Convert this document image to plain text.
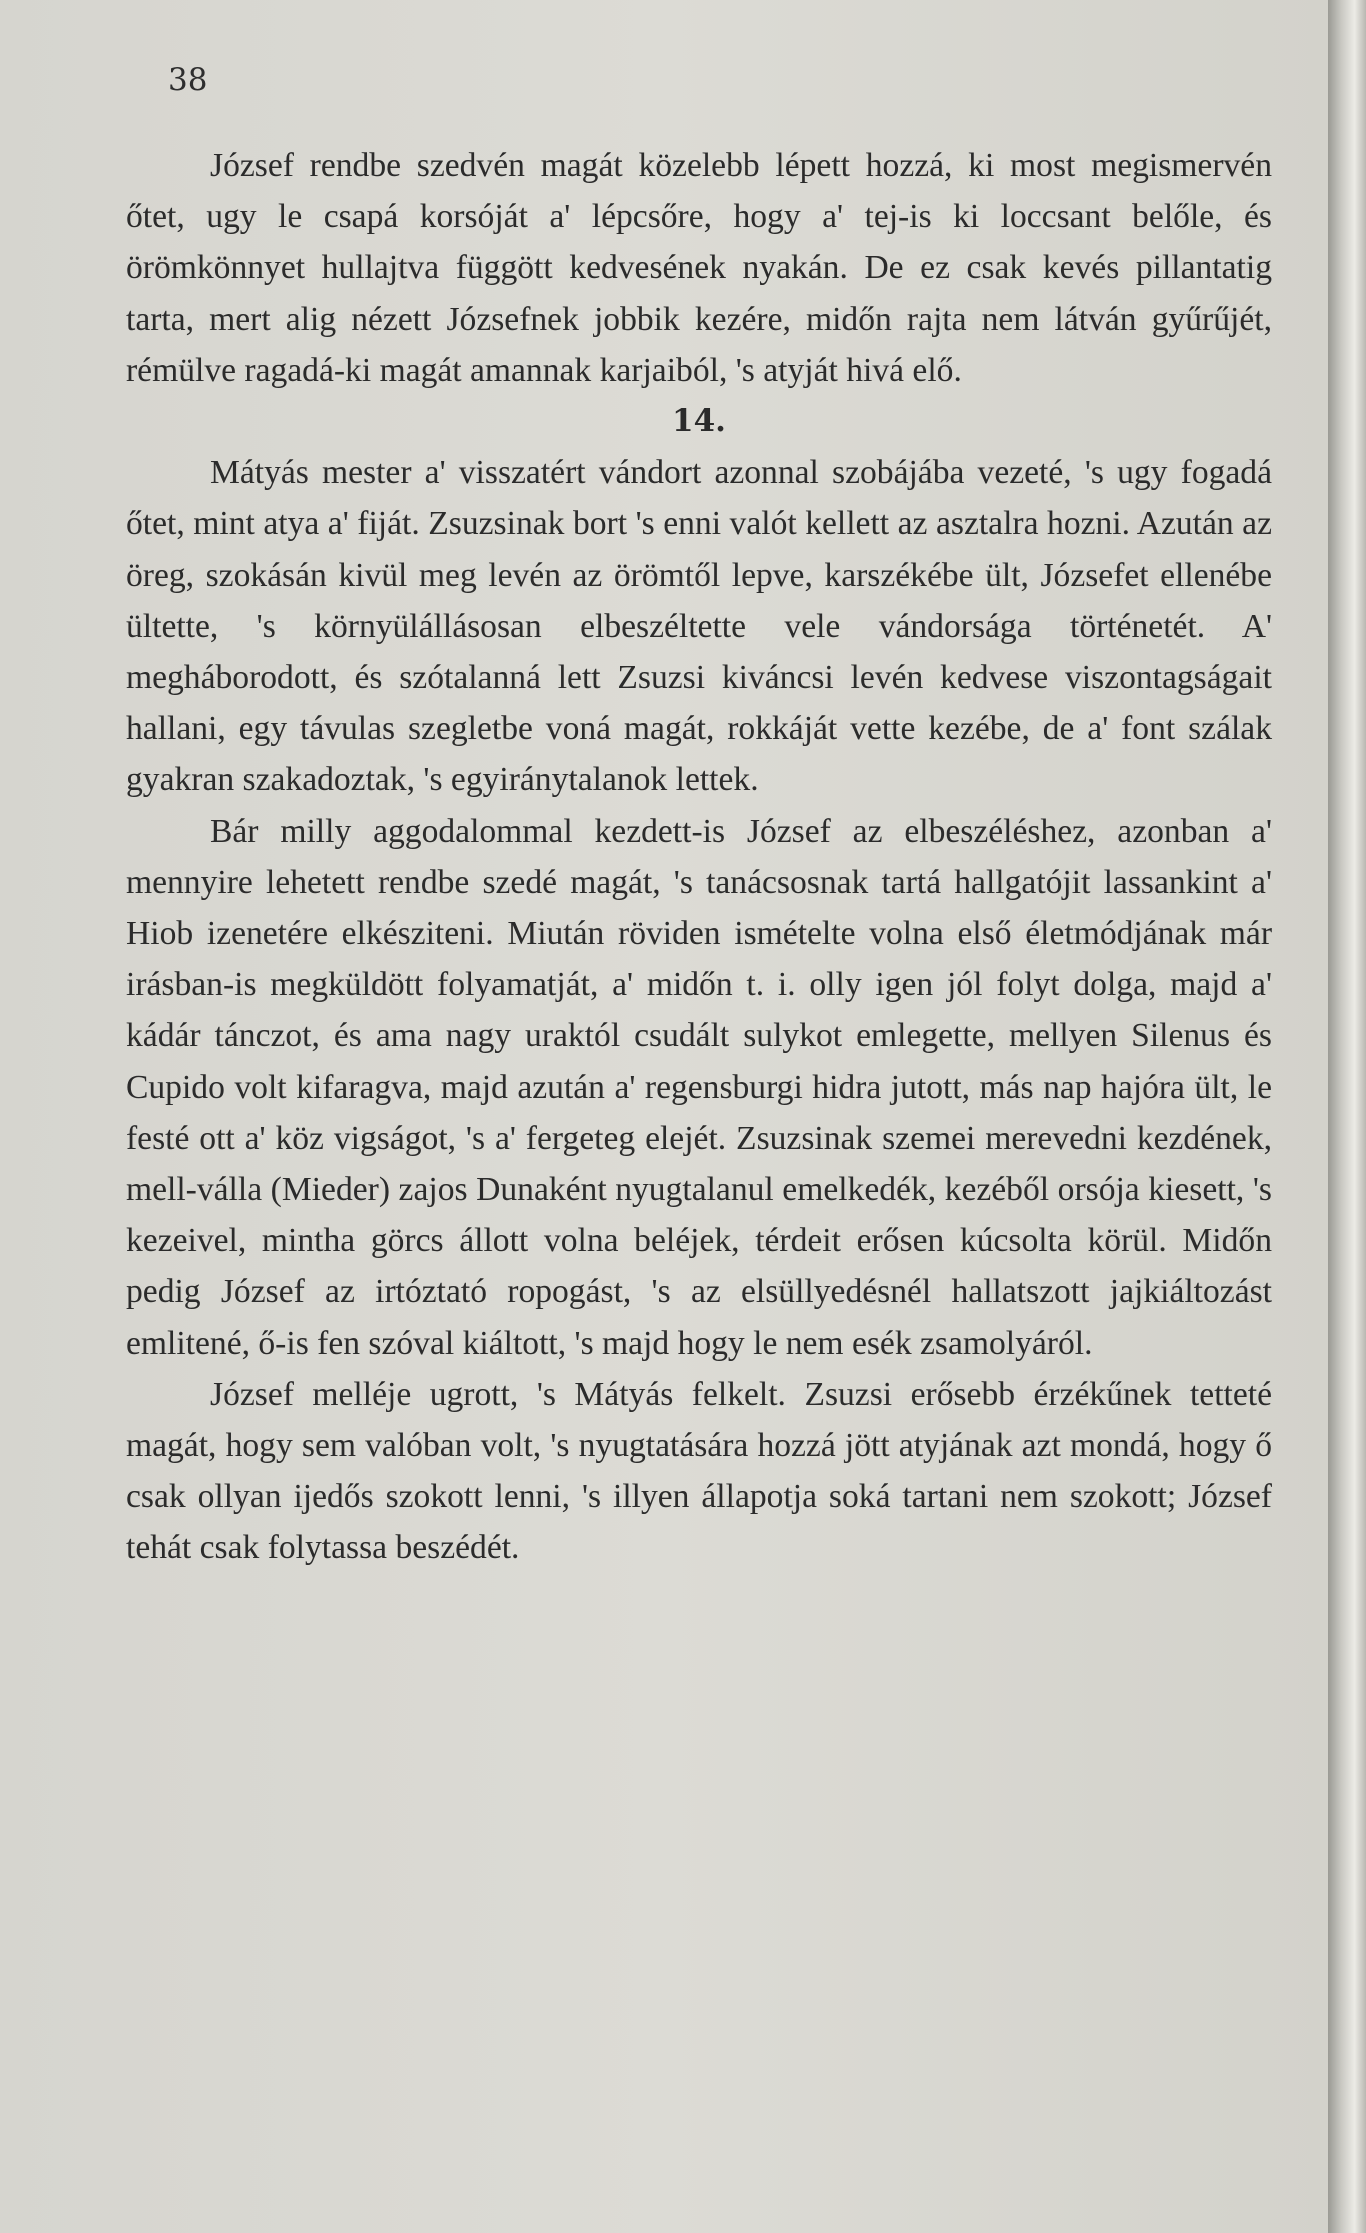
38

József rendbe szedvén magát közelebb lépett hozzá, ki most megismervén őtet, ugy le csapá korsóját a' lépcsőre, hogy a' tej-is ki loccsant belőle, és örömkönnyet hullajtva függött kedvesének nyakán. De ez csak kevés pillantatig tarta, mert alig nézett Józsefnek jobbik kezére, midőn rajta nem látván gyűrűjét, rémülve ragadá-ki magát amannak karjaiból, 's atyját hivá elő.

14.

Mátyás mester a' visszatért vándort azonnal szobájába vezeté, 's ugy fogadá őtet, mint atya a' fiját. Zsuzsinak bort 's enni valót kellett az asztalra hozni. Azután az öreg, szokásán kivül meg levén az örömtől lepve, karszékébe ült, Józsefet ellenébe ültette, 's környülállásosan elbeszéltette vele vándorsága történetét. A' megháborodott, és szótalanná lett Zsuzsi kiváncsi levén kedvese viszontagságait hallani, egy távulas szegletbe voná magát, rokkáját vette kezébe, de a' font szálak gyakran szakadoztak, 's egyiránytalanok lettek.

Bár milly aggodalommal kezdett-is József az elbeszéléshez, azonban a' mennyire lehetett rendbe szedé magát, 's tanácsosnak tartá hallgatójit lassankint a' Hiob izenetére elkésziteni. Miután röviden ismételte volna első életmódjának már irásban-is megküldött folyamatját, a' midőn t. i. olly igen jól folyt dolga, majd a' kádár tánczot, és ama nagy uraktól csudált sulykot emlegette, mellyen Silenus és Cupido volt kifaragva, majd azután a' regensburgi hidra jutott, más nap hajóra ült, le festé ott a' köz vigságot, 's a' fergeteg elejét. Zsuzsinak szemei merevedni kezdének, mell-válla (Mieder) zajos Dunaként nyugtalanul emelkedék, kezéből orsója kiesett, 's kezeivel, mintha görcs állott volna beléjek, térdeit erősen kúcsolta körül. Midőn pedig József az irtóztató ropogást, 's az elsüllyedésnél hallatszott jajkiáltozást emlitené, ő-is fen szóval kiáltott, 's majd hogy le nem esék zsamolyáról.

József melléje ugrott, 's Mátyás felkelt. Zsuzsi erősebb érzékűnek tetteté magát, hogy sem valóban volt, 's nyugtatására hozzá jött atyjának azt mondá, hogy ő csak ollyan ijedős szokott lenni, 's illyen állapotja soká tartani nem szokott; József tehát csak folytassa beszédét.
